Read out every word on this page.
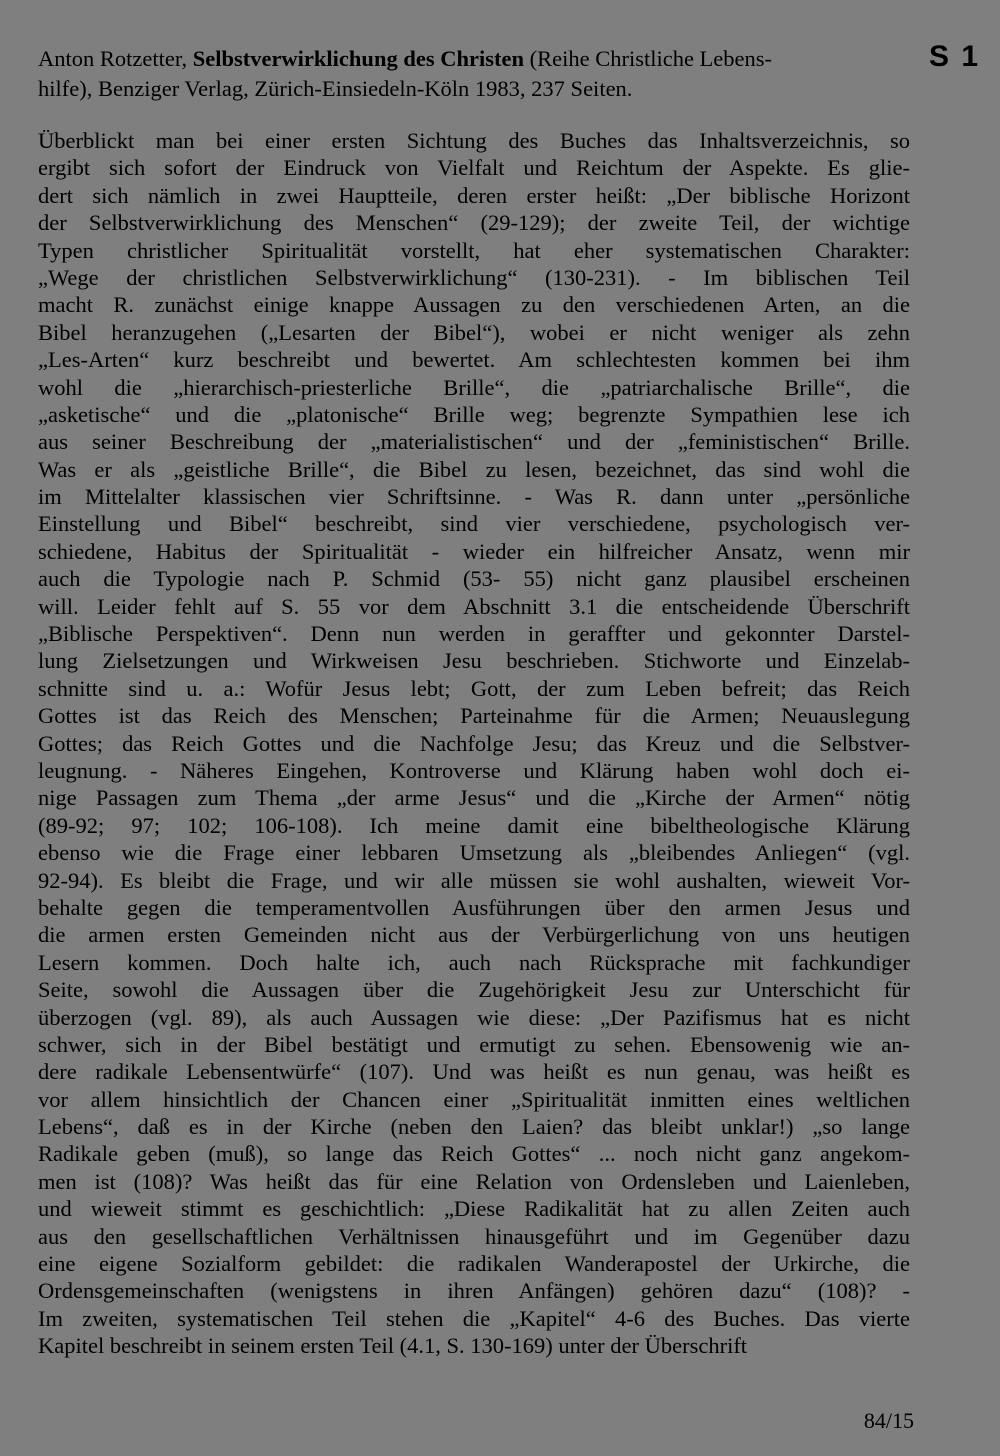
Anton Rotzetter, Selbstverwirklichung des Christen (Reihe Christliche Lebens-
hilfe), Benziger Verlag, Zürich-Einsiedeln-Köln 1983, 237 Seiten.
S 1
Überblickt man bei einer ersten Sichtung des Buches das Inhaltsverzeichnis, so
ergibt sich sofort der Eindruck von Vielfalt und Reichtum der Aspekte. Es glie-
dert sich nämlich in zwei Hauptteile, deren erster heißt: „Der biblische Horizont
der Selbstverwirklichung des Menschen“ (29-129); der zweite Teil, der wichtige
Typen christlicher Spiritualität vorstellt, hat eher systematischen Charakter:
„Wege der christlichen Selbstverwirklichung“ (130-231). - Im biblischen Teil
macht R. zunächst einige knappe Aussagen zu den verschiedenen Arten, an die
Bibel heranzugehen („Lesarten der Bibel“), wobei er nicht weniger als zehn
„Les-Arten“ kurz beschreibt und bewertet. Am schlechtesten kommen bei ihm
wohl die „hierarchisch-priesterliche Brille“, die „patriarchalische Brille“, die
„asketische“ und die „platonische“ Brille weg; begrenzte Sympathien lese ich
aus seiner Beschreibung der „materialistischen“ und der „feministischen“ Brille.
Was er als „geistliche Brille“, die Bibel zu lesen, bezeichnet, das sind wohl die
im Mittelalter klassischen vier Schriftsinne. - Was R. dann unter „persönliche
Einstellung und Bibel“ beschreibt, sind vier verschiedene, psychologisch ver-
schiedene, Habitus der Spiritualität - wieder ein hilfreicher Ansatz, wenn mir
auch die Typologie nach P. Schmid (53- 55) nicht ganz plausibel erscheinen
will. Leider fehlt auf S. 55 vor dem Abschnitt 3.1 die entscheidende Überschrift
„Biblische Perspektiven“. Denn nun werden in geraffter und gekonnter Darstel-
lung Zielsetzungen und Wirkweisen Jesu beschrieben. Stichworte und Einzelab-
schnitte sind u. a.: Wofür Jesus lebt; Gott, der zum Leben befreit; das Reich
Gottes ist das Reich des Menschen; Parteinahme für die Armen; Neuauslegung
Gottes; das Reich Gottes und die Nachfolge Jesu; das Kreuz und die Selbstver-
leugnung. - Näheres Eingehen, Kontroverse und Klärung haben wohl doch ei-
nige Passagen zum Thema „der arme Jesus“ und die „Kirche der Armen“ nötig
(89-92; 97; 102; 106-108). Ich meine damit eine bibeltheologische Klärung
ebenso wie die Frage einer lebbaren Umsetzung als „bleibendes Anliegen“ (vgl.
92-94). Es bleibt die Frage, und wir alle müssen sie wohl aushalten, wieweit Vor-
behalte gegen die temperamentvollen Ausführungen über den armen Jesus und
die armen ersten Gemeinden nicht aus der Verbürgerlichung von uns heutigen
Lesern kommen. Doch halte ich, auch nach Rücksprache mit fachkundiger
Seite, sowohl die Aussagen über die Zugehörigkeit Jesu zur Unterschicht für
überzogen (vgl. 89), als auch Aussagen wie diese: „Der Pazifismus hat es nicht
schwer, sich in der Bibel bestätigt und ermutigt zu sehen. Ebensowenig wie an-
dere radikale Lebensentwürfe“ (107). Und was heißt es nun genau, was heißt es
vor allem hinsichtlich der Chancen einer „Spiritualität inmitten eines weltlichen
Lebens“, daß es in der Kirche (neben den Laien? das bleibt unklar!) „so lange
Radikale geben (muß), so lange das Reich Gottes“ ... noch nicht ganz angekom-
men ist (108)? Was heißt das für eine Relation von Ordensleben und Laienleben,
und wieweit stimmt es geschichtlich: „Diese Radikalität hat zu allen Zeiten auch
aus den gesellschaftlichen Verhältnissen hinausgeführt und im Gegenüber dazu
eine eigene Sozialform gebildet: die radikalen Wanderapostel der Urkirche, die
Ordensgemeinschaften (wenigstens in ihren Anfängen) gehören dazu“ (108)? -
Im zweiten, systematischen Teil stehen die „Kapitel“ 4-6 des Buches. Das vierte
Kapitel beschreibt in seinem ersten Teil (4.1, S. 130-169) unter der Überschrift
84/15
